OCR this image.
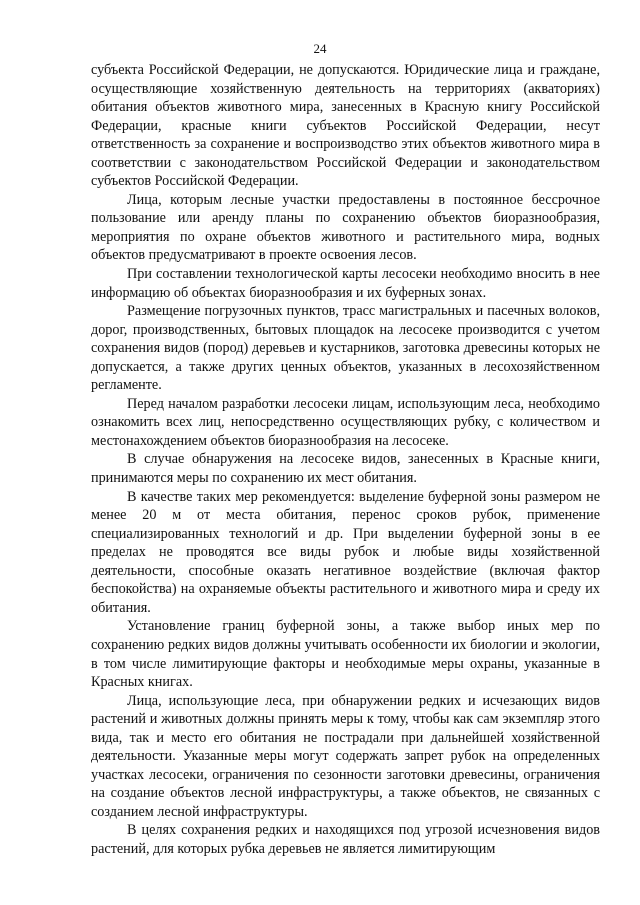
24

субъекта Российской Федерации, не допускаются. Юридические лица и граждане, осуществляющие хозяйственную деятельность на территориях (акваториях) обитания объектов животного мира, занесенных в Красную книгу Российской Федерации, красные книги субъектов Российской Федерации, несут ответственность за сохранение и воспроизводство этих объектов животного мира в соответствии с законодательством Российской Федерации и законодательством субъектов Российской Федерации.

Лица, которым лесные участки предоставлены в постоянное бессрочное пользование или аренду планы по сохранению объектов биоразнообразия, мероприятия по охране объектов животного и растительного мира, водных объектов предусматривают в проекте освоения лесов.

При составлении технологической карты лесосеки необходимо вносить в нее информацию об объектах биоразнообразия и их буферных зонах.

Размещение погрузочных пунктов, трасс магистральных и пасечных волоков, дорог, производственных, бытовых площадок на лесосеке производится с учетом сохранения видов (пород) деревьев и кустарников, заготовка древесины которых не допускается, а также других ценных объектов, указанных в лесохозяйственном регламенте.

Перед началом разработки лесосеки лицам, использующим леса, необходимо ознакомить всех лиц, непосредственно осуществляющих рубку, с количеством и местонахождением объектов биоразнообразия на лесосеке.

В случае обнаружения на лесосеке видов, занесенных в Красные книги, принимаются меры по сохранению их мест обитания.

В качестве таких мер рекомендуется: выделение буферной зоны размером не менее 20 м от места обитания, перенос сроков рубок, применение специализированных технологий и др. При выделении буферной зоны в ее пределах не проводятся все виды рубок и любые виды хозяйственной деятельности, способные оказать негативное воздействие (включая фактор беспокойства) на охраняемые объекты растительного и животного мира и среду их обитания.

Установление границ буферной зоны, а также выбор иных мер по сохранению редких видов должны учитывать особенности их биологии и экологии, в том числе лимитирующие факторы и необходимые меры охраны, указанные в Красных книгах.

Лица, использующие леса, при обнаружении редких и исчезающих видов растений и животных должны принять меры к тому, чтобы как сам экземпляр этого вида, так и место его обитания не пострадали при дальнейшей хозяйственной деятельности. Указанные меры могут содержать запрет рубок на определенных участках лесосеки, ограничения по сезонности заготовки древесины, ограничения на создание объектов лесной инфраструктуры, а также объектов, не связанных с созданием лесной инфраструктуры.

В целях сохранения редких и находящихся под угрозой исчезновения видов растений, для которых рубка деревьев не является лимитирующим
